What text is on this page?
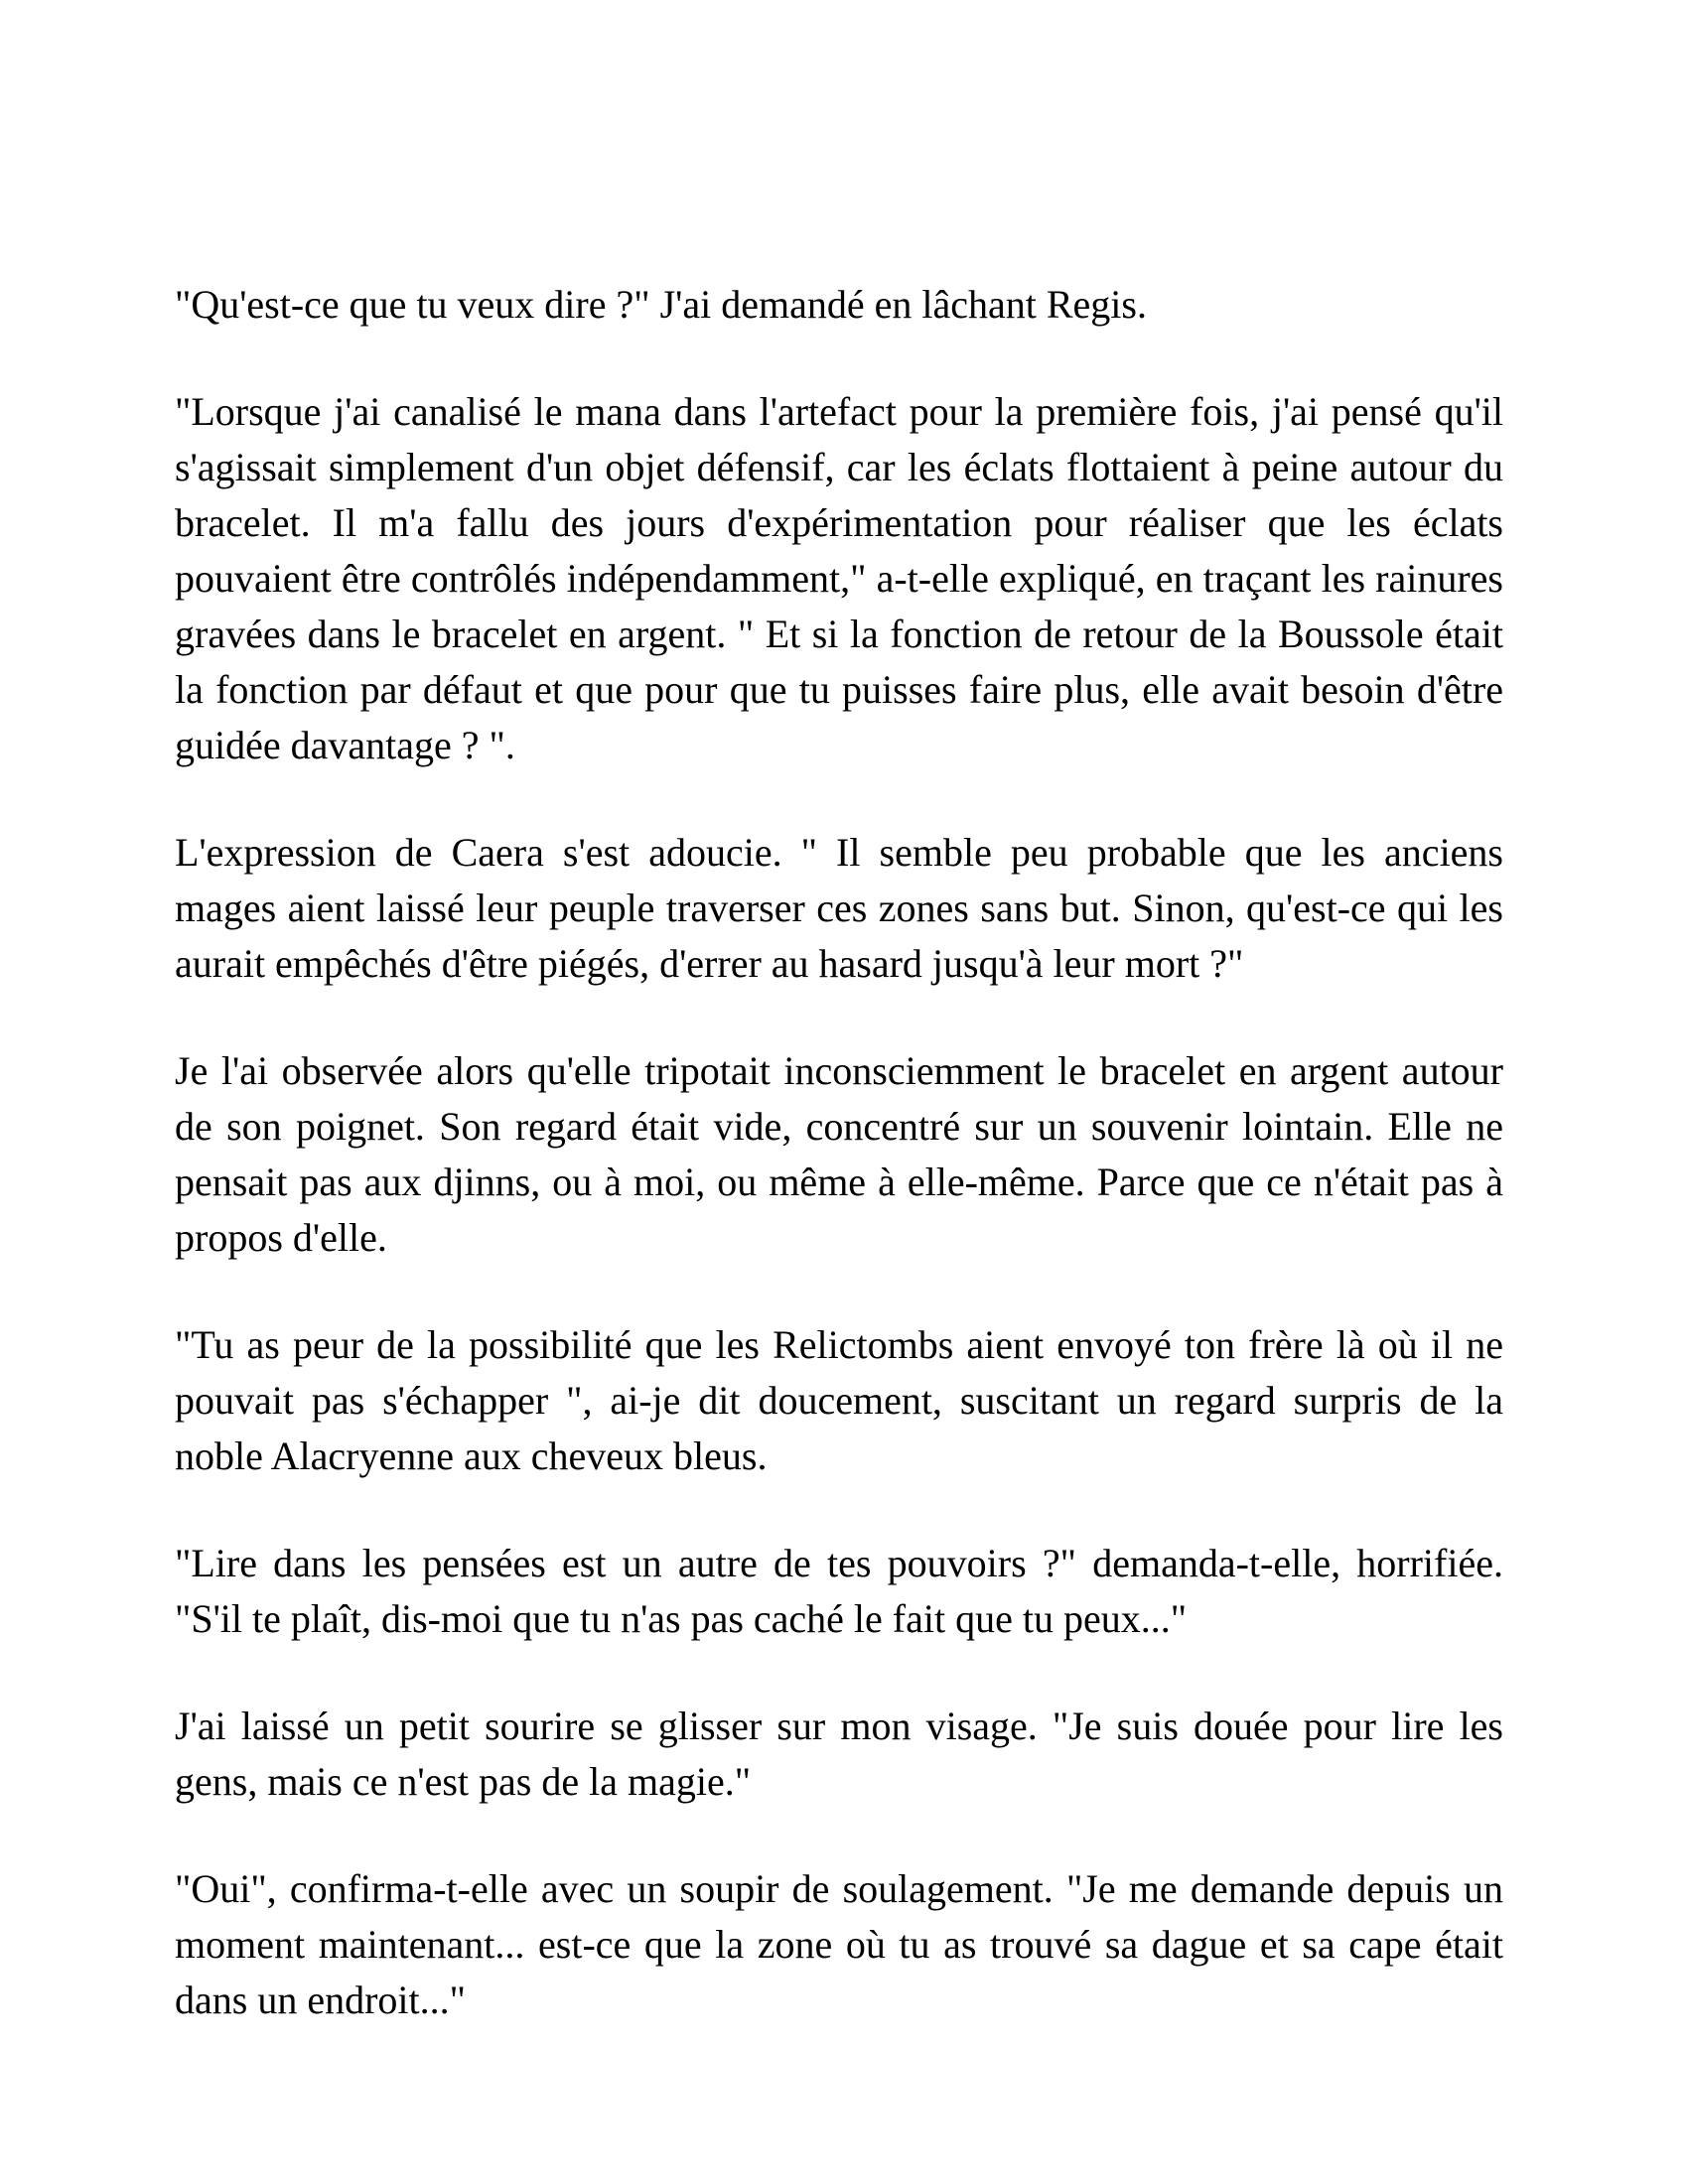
"Qu'est-ce que tu veux dire ?" J'ai demandé en lâchant Regis.

"Lorsque j'ai canalisé le mana dans l'artefact pour la première fois, j'ai pensé qu'il s'agissait simplement d'un objet défensif, car les éclats flottaient à peine autour du bracelet. Il m'a fallu des jours d'expérimentation pour réaliser que les éclats pouvaient être contrôlés indépendamment," a-t-elle expliqué, en traçant les rainures gravées dans le bracelet en argent. " Et si la fonction de retour de la Boussole était la fonction par défaut et que pour que tu puisses faire plus, elle avait besoin d'être guidée davantage ? ".

L'expression de Caera s'est adoucie. " Il semble peu probable que les anciens mages aient laissé leur peuple traverser ces zones sans but. Sinon, qu'est-ce qui les aurait empêchés d'être piégés, d'errer au hasard jusqu'à leur mort ?"

Je l'ai observée alors qu'elle tripotait inconsciemment le bracelet en argent autour de son poignet. Son regard était vide, concentré sur un souvenir lointain. Elle ne pensait pas aux djinns, ou à moi, ou même à elle-même. Parce que ce n'était pas à propos d'elle.

"Tu as peur de la possibilité que les Relictombs aient envoyé ton frère là où il ne pouvait pas s'échapper ", ai-je dit doucement, suscitant un regard surpris de la noble Alacryenne aux cheveux bleus.

"Lire dans les pensées est un autre de tes pouvoirs ?" demanda-t-elle, horrifiée. "S'il te plaît, dis-moi que tu n'as pas caché le fait que tu peux..."

J'ai laissé un petit sourire se glisser sur mon visage. "Je suis douée pour lire les gens, mais ce n'est pas de la magie."

"Oui", confirma-t-elle avec un soupir de soulagement. "Je me demande depuis un moment maintenant... est-ce que la zone où tu as trouvé sa dague et sa cape était dans un endroit..."
